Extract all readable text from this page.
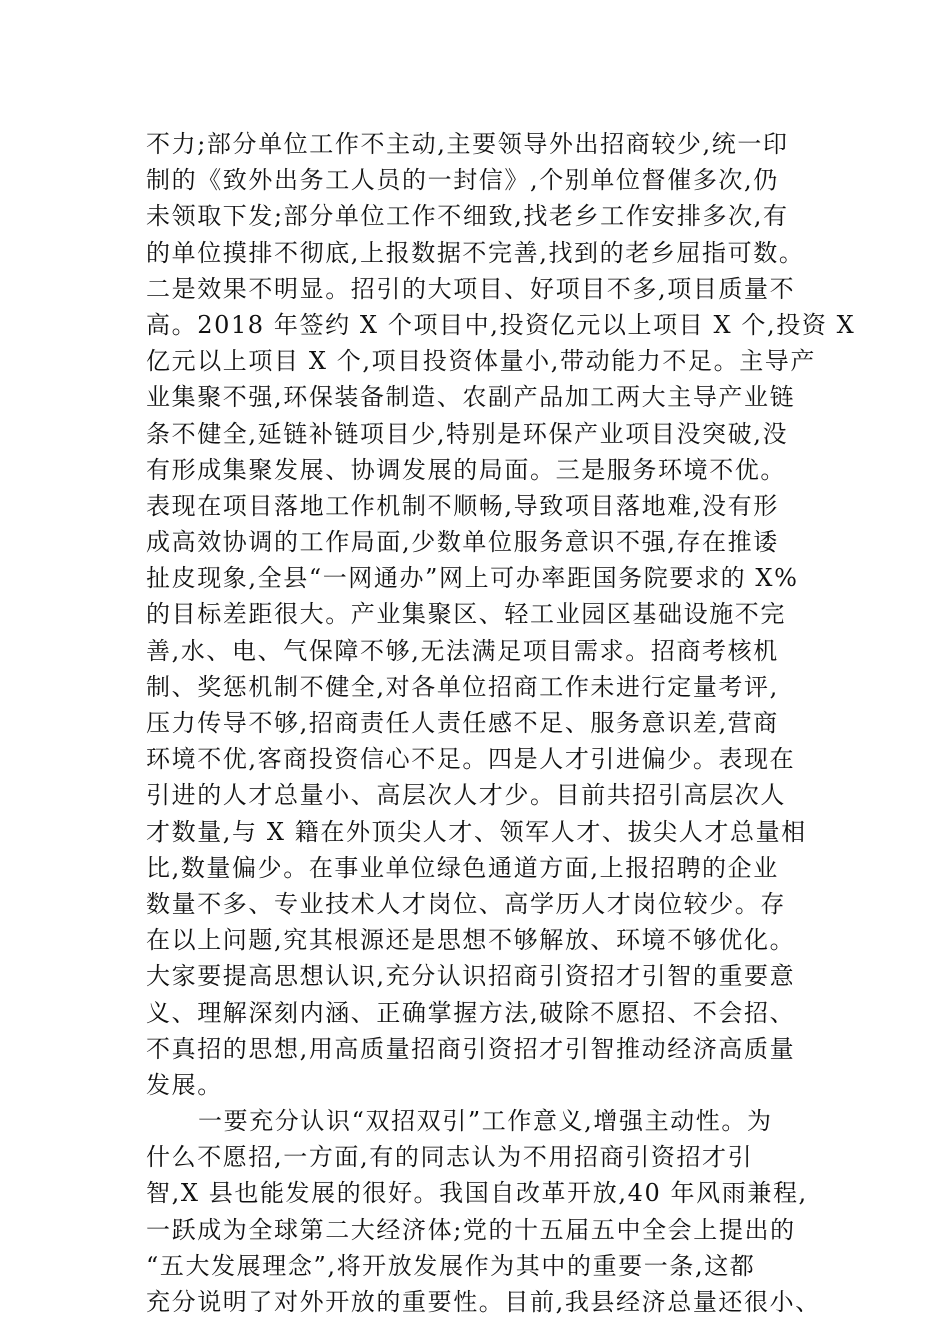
不力;部分单位工作不主动,主要领导外出招商较少,统一印
制的《致外出务工人员的一封信》,个别单位督催多次,仍
未领取下发;部分单位工作不细致,找老乡工作安排多次,有
的单位摸排不彻底,上报数据不完善,找到的老乡屈指可数。
二是效果不明显。招引的大项目、好项目不多,项目质量不
高。2018 年签约 X 个项目中,投资亿元以上项目 X 个,投资 X
亿元以上项目 X 个,项目投资体量小,带动能力不足。主导产
业集聚不强,环保装备制造、农副产品加工两大主导产业链
条不健全,延链补链项目少,特别是环保产业项目没突破,没
有形成集聚发展、协调发展的局面。三是服务环境不优。
表现在项目落地工作机制不顺畅,导致项目落地难,没有形
成高效协调的工作局面,少数单位服务意识不强,存在推诿
扯皮现象,全县“一网通办”网上可办率距国务院要求的 X%
的目标差距很大。产业集聚区、轻工业园区基础设施不完
善,水、电、气保障不够,无法满足项目需求。招商考核机
制、奖惩机制不健全,对各单位招商工作未进行定量考评,
压力传导不够,招商责任人责任感不足、服务意识差,营商
环境不优,客商投资信心不足。四是人才引进偏少。表现在
引进的人才总量小、高层次人才少。目前共招引高层次人
才数量,与 X 籍在外顶尖人才、领军人才、拔尖人才总量相
比,数量偏少。在事业单位绿色通道方面,上报招聘的企业
数量不多、专业技术人才岗位、高学历人才岗位较少。存
在以上问题,究其根源还是思想不够解放、环境不够优化。
大家要提高思想认识,充分认识招商引资招才引智的重要意
义、理解深刻内涵、正确掌握方法,破除不愿招、不会招、
不真招的思想,用高质量招商引资招才引智推动经济高质量
发展。
一要充分认识“双招双引”工作意义,增强主动性。为
什么不愿招,一方面,有的同志认为不用招商引资招才引
智,X 县也能发展的很好。我国自改革开放,40 年风雨兼程,
一跃成为全球第二大经济体;党的十五届五中全会上提出的
“五大发展理念”,将开放发展作为其中的重要一条,这都
充分说明了对外开放的重要性。目前,我县经济总量还很小、
